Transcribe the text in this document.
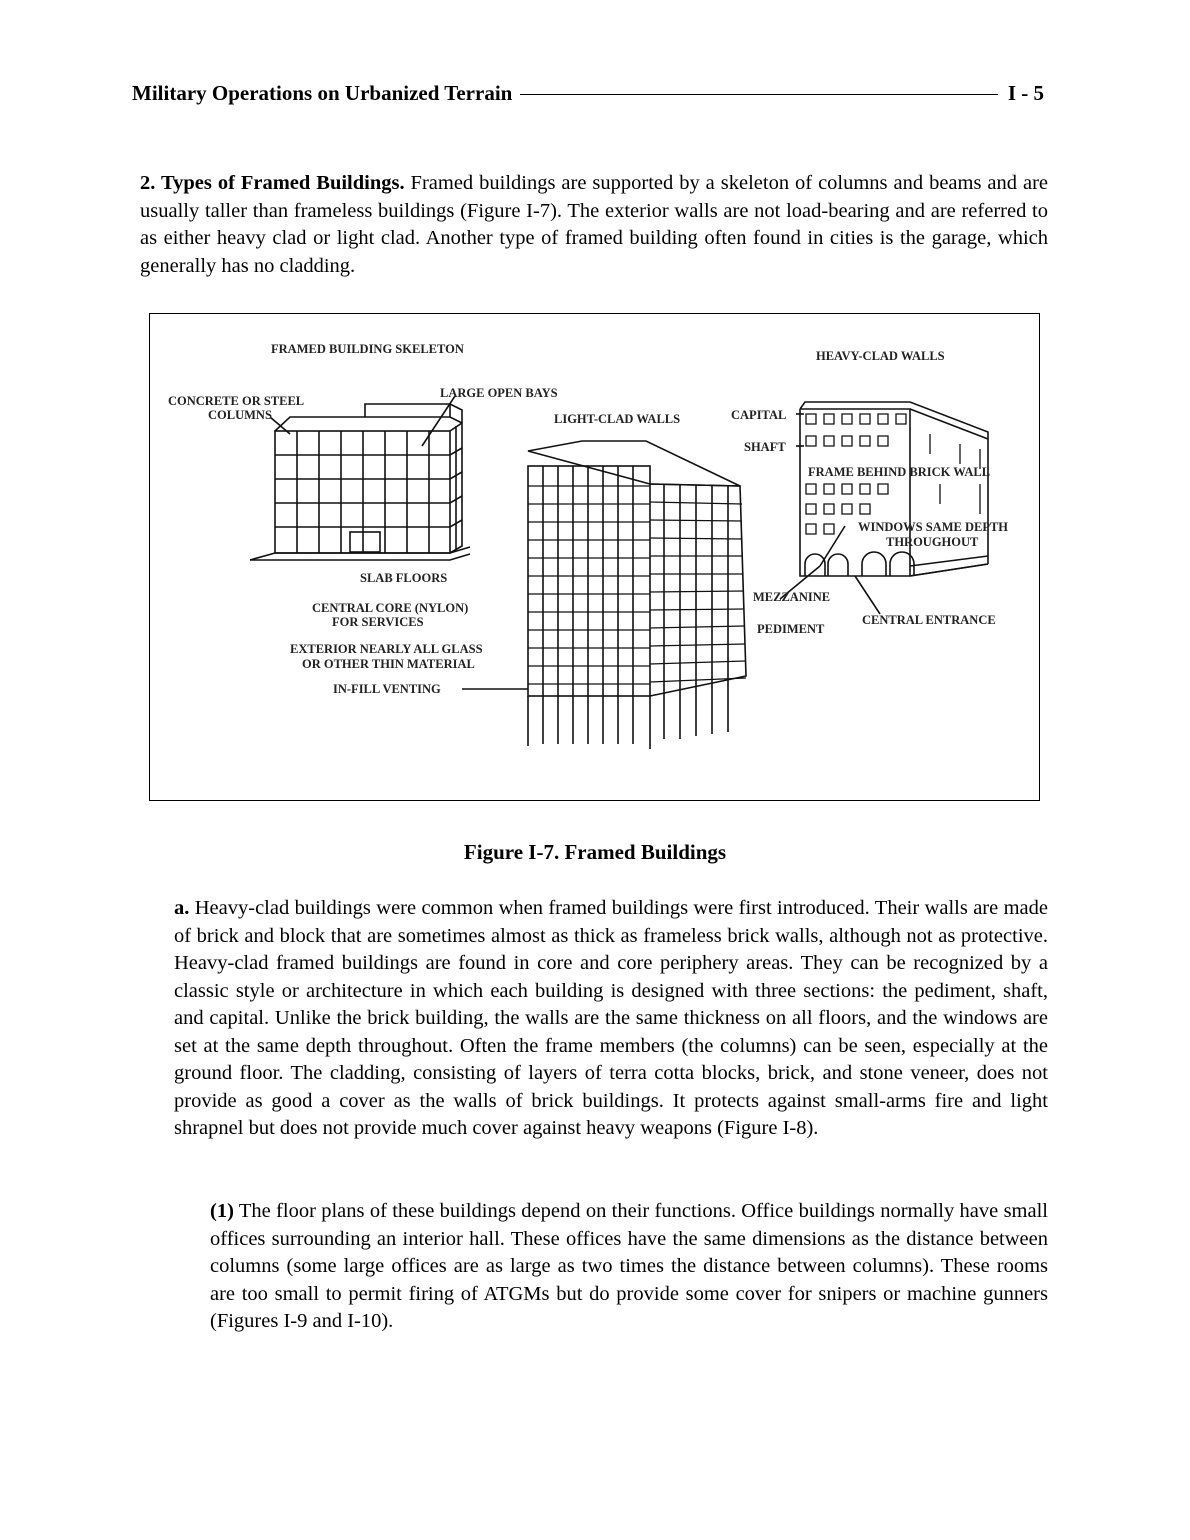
Military Operations on Urbanized Terrain	I - 5

2. Types of Framed Buildings. Framed buildings are supported by a skeleton of columns and beams and are usually taller than frameless buildings (Figure I-7). The exterior walls are not load-bearing and are referred to as either heavy clad or light clad. Another type of framed building often found in cities is the garage, which generally has no cladding.

FRAMED BUILDING SKELETON
CONCRETE OR STEEL
COLUMNS
LARGE OPEN BAYS
LIGHT-CLAD WALLS
SLAB FLOORS
CENTRAL CORE (NYLON)
FOR SERVICES
EXTERIOR NEARLY ALL GLASS
OR OTHER THIN MATERIAL
IN-FILL VENTING
HEAVY-CLAD WALLS
CAPITAL
SHAFT
FRAME BEHIND BRICK WALL
WINDOWS SAME DEPTH
THROUGHOUT
MEZZANINE
PEDIMENT
CENTRAL ENTRANCE
Figure I-7. Framed Buildings

a. Heavy-clad buildings were common when framed buildings were first introduced. Their walls are made of brick and block that are sometimes almost as thick as frameless brick walls, although not as protective. Heavy-clad framed buildings are found in core and core periphery areas. They can be recognized by a classic style or architecture in which each building is designed with three sections: the pediment, shaft, and capital. Unlike the brick building, the walls are the same thickness on all floors, and the windows are set at the same depth throughout. Often the frame members (the columns) can be seen, especially at the ground floor. The cladding, consisting of layers of terra cotta blocks, brick, and stone veneer, does not provide as good a cover as the walls of brick buildings. It protects against small-arms fire and light shrapnel but does not provide much cover against heavy weapons (Figure I-8).

(1) The floor plans of these buildings depend on their functions. Office buildings normally have small offices surrounding an interior hall. These offices have the same dimensions as the distance between columns (some large offices are as large as two times the distance between columns). These rooms are too small to permit firing of ATGMs but do provide some cover for snipers or machine gunners (Figures I-9 and I-10).
